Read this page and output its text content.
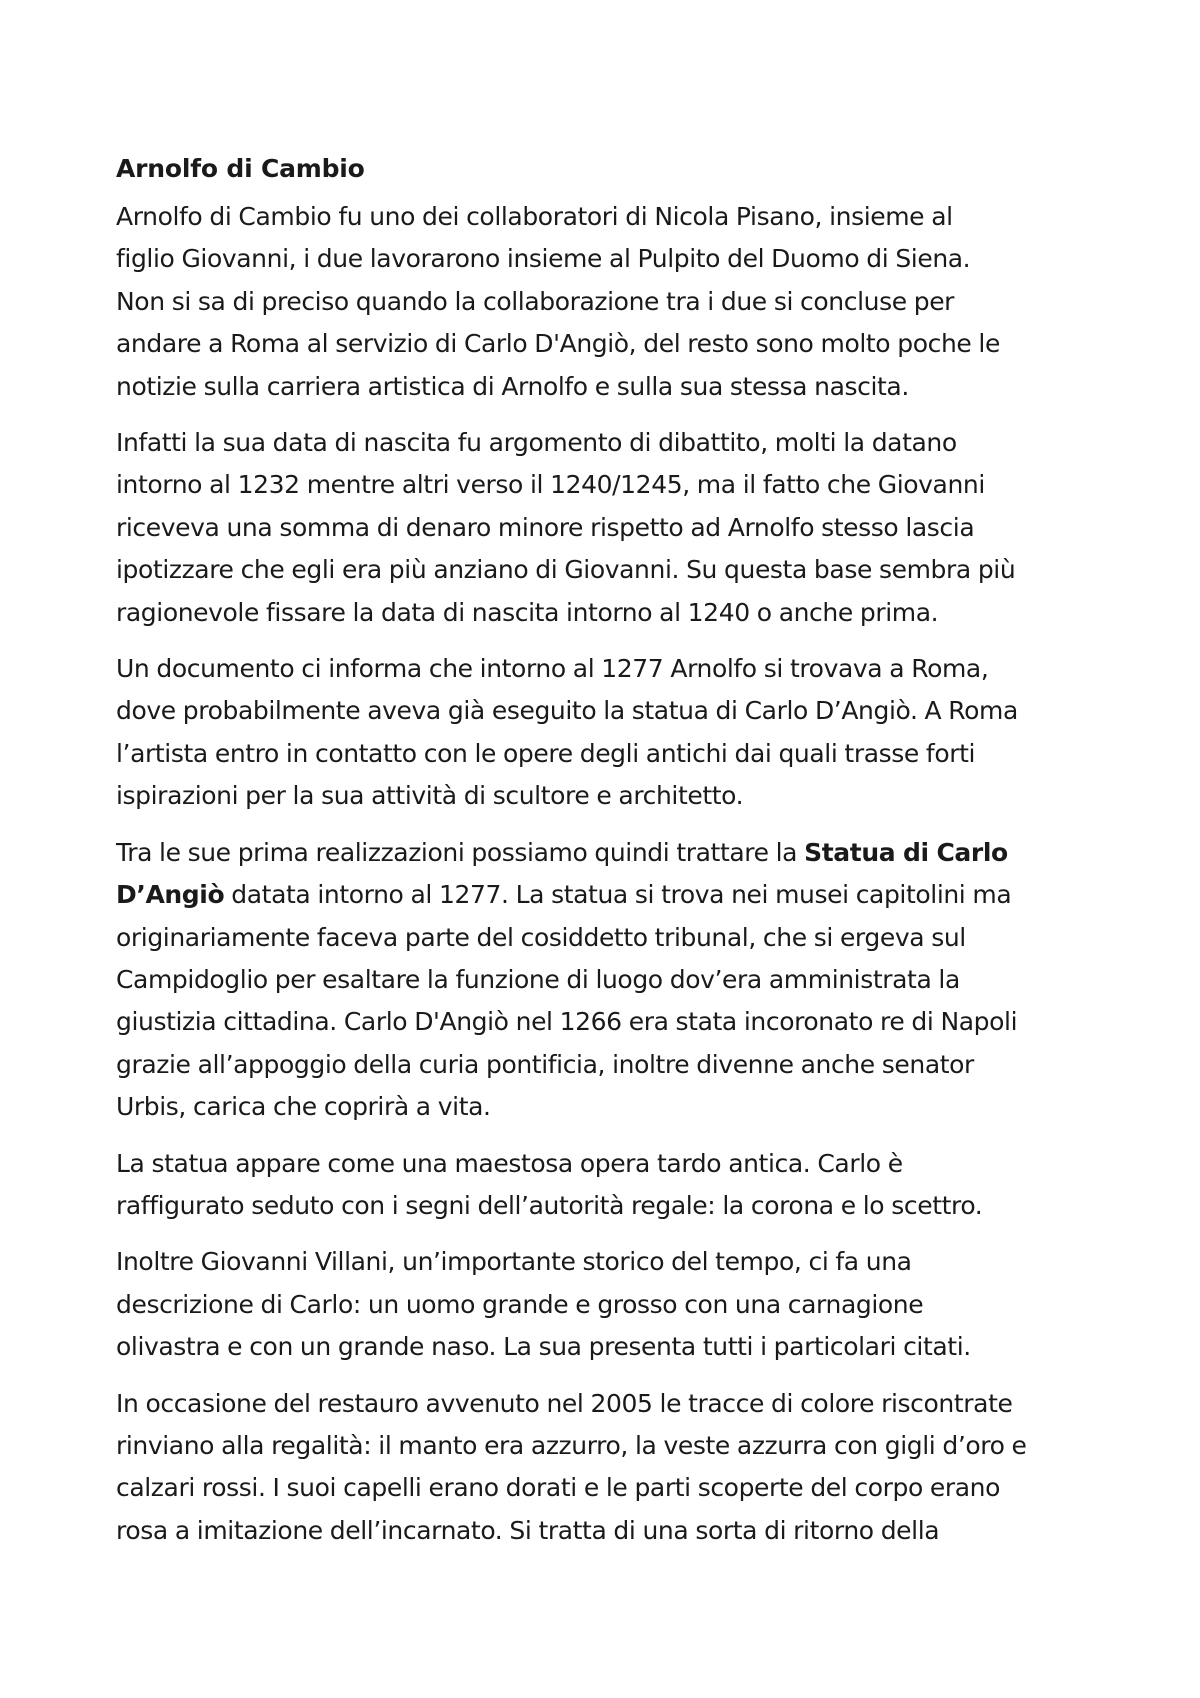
Arnolfo di Cambio
Arnolfo di Cambio fu uno dei collaboratori di Nicola Pisano, insieme al
figlio Giovanni, i due lavorarono insieme al Pulpito del Duomo di Siena.
Non si sa di preciso quando la collaborazione tra i due si concluse per
andare a Roma al servizio di Carlo D'Angiò, del resto sono molto poche le
notizie sulla carriera artistica di Arnolfo e sulla sua stessa nascita.
Infatti la sua data di nascita fu argomento di dibattito, molti la datano
intorno al 1232 mentre altri verso il 1240/1245, ma il fatto che Giovanni
riceveva una somma di denaro minore rispetto ad Arnolfo stesso lascia
ipotizzare che egli era più anziano di Giovanni. Su questa base sembra più
ragionevole fissare la data di nascita intorno al 1240 o anche prima.
Un documento ci informa che intorno al 1277 Arnolfo si trovava a Roma,
dove probabilmente aveva già eseguito la statua di Carlo D’Angiò. A Roma
l’artista entro in contatto con le opere degli antichi dai quali trasse forti
ispirazioni per la sua attività di scultore e architetto.
Tra le sue prima realizzazioni possiamo quindi trattare la Statua di Carlo
D’Angiò datata intorno al 1277. La statua si trova nei musei capitolini ma
originariamente faceva parte del cosiddetto tribunal, che si ergeva sul
Campidoglio per esaltare la funzione di luogo dov’era amministrata la
giustizia cittadina. Carlo D'Angiò nel 1266 era stata incoronato re di Napoli
grazie all’appoggio della curia pontificia, inoltre divenne anche senator
Urbis, carica che coprirà a vita.
La statua appare come una maestosa opera tardo antica. Carlo è
raffigurato seduto con i segni dell’autorità regale: la corona e lo scettro.
Inoltre Giovanni Villani, un’importante storico del tempo, ci fa una
descrizione di Carlo: un uomo grande e grosso con una carnagione
olivastra e con un grande naso. La sua presenta tutti i particolari citati.
In occasione del restauro avvenuto nel 2005 le tracce di colore riscontrate
rinviano alla regalità: il manto era azzurro, la veste azzurra con gigli d’oro e
calzari rossi. I suoi capelli erano dorati e le parti scoperte del corpo erano
rosa a imitazione dell’incarnato. Si tratta di una sorta di ritorno della
